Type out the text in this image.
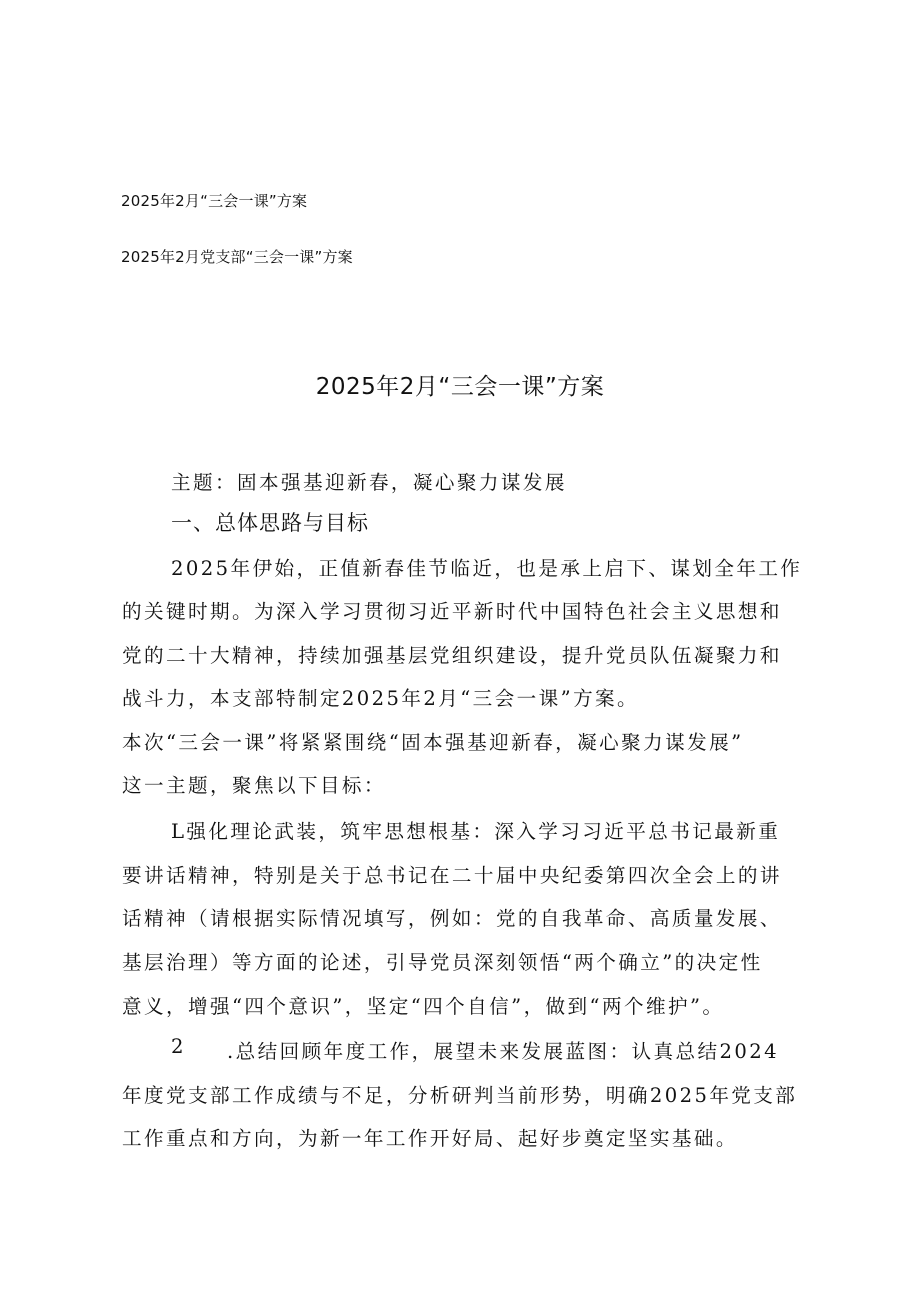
2025年2月“三会一课”方案
2025年2月党支部“三会一课”方案
2025年2月“三会一课”方案
主题：固本强基迎新春，凝心聚力谋发展
一、总体思路与目标
2025年伊始，正值新春佳节临近，也是承上启下、谋划全年工作
的关键时期。为深入学习贯彻习近平新时代中国特色社会主义思想和
党的二十大精神，持续加强基层党组织建设，提升党员队伍凝聚力和
战斗力，本支部特制定2025年2月“三会一课”方案。
本次“三会一课”将紧紧围绕“固本强基迎新春，凝心聚力谋发展”
这一主题，聚焦以下目标：
L强化理论武装，筑牢思想根基：深入学习习近平总书记最新重
要讲话精神，特别是关于总书记在二十届中央纪委第四次全会上的讲
话精神（请根据实际情况填写，例如：党的自我革命、高质量发展、
基层治理）等方面的论述，引导党员深刻领悟“两个确立”的决定性
意义，增强“四个意识”，坚定“四个自信”，做到“两个维护”。
2 .总结回顾年度工作，展望未来发展蓝图：认真总结2024
年度党支部工作成绩与不足，分析研判当前形势，明确2025年党支部
工作重点和方向，为新一年工作开好局、起好步奠定坚实基础。
